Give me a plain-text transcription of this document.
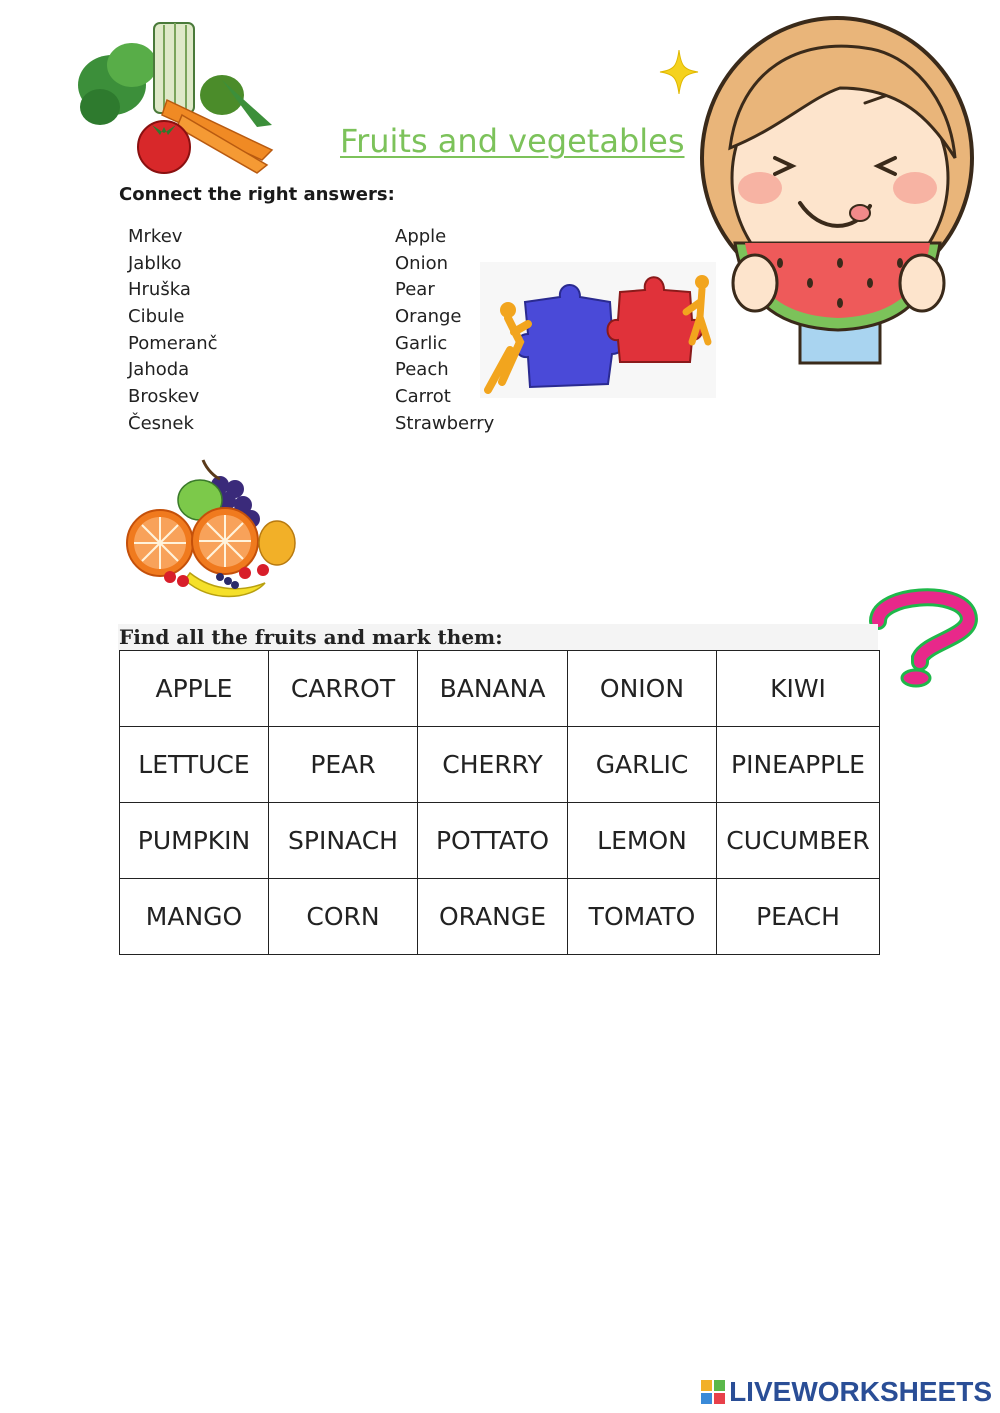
Fruits and vegetables
Connect the right answers:
Mrkev
Jablko
Hruška
Cibule
Pomeranč
Jahoda
Broskev
Česnek
Apple
Onion
Pear
Orange
Garlic
Peach
Carrot
Strawberry
Find all the fruits and mark them:
APPLE	CARROT	BANANA	ONION	KIWI
LETTUCE	PEAR	CHERRY	GARLIC	PINEAPPLE
PUMPKIN	SPINACH	POTTATO	LEMON	CUCUMBER
MANGO	CORN	ORANGE	TOMATO	PEACH
LIVEWORKSHEETS
